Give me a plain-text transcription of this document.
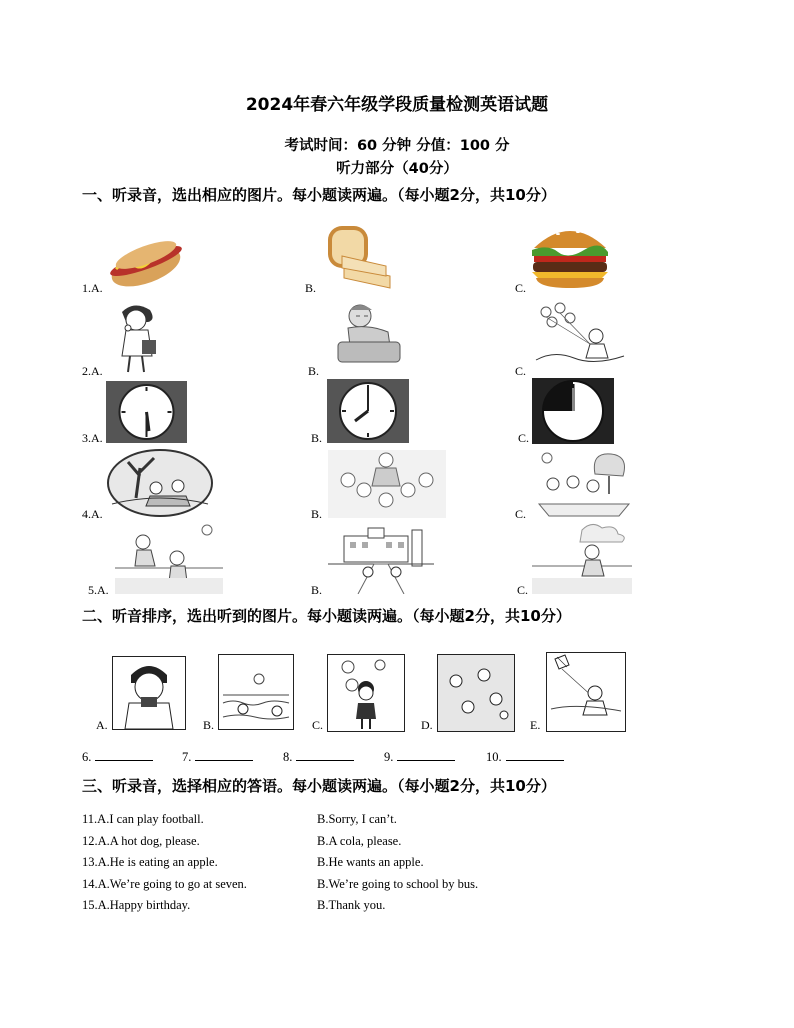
2024年春六年级学段质量检测英语试题
考试时间：60 分钟 分值：100 分
听力部分（40分）
一、听录音，选出相应的图片。每小题读两遍。（每小题2分，共10分）
1.A.	B.	C.
2.A.	B.	C.
3.A.	B.	C.
4.A.	B.	C.
5.A.	B.	C.
二、听音排序，选出听到的图片。每小题读两遍。（每小题2分，共10分）
A.	B.	C.	D.	E.
6.	7.	8.	9.	10.
三、听录音，选择相应的答语。每小题读两遍。（每小题2分，共10分）
11.A.I can play football.	B.Sorry, I can’t.
12.A.A hot dog, please.	B.A cola, please.
13.A.He is eating an apple.	B.He wants an apple.
14.A.We’re going to go at seven.	B.We’re going to school by bus.
15.A.Happy birthday.	B.Thank you.
